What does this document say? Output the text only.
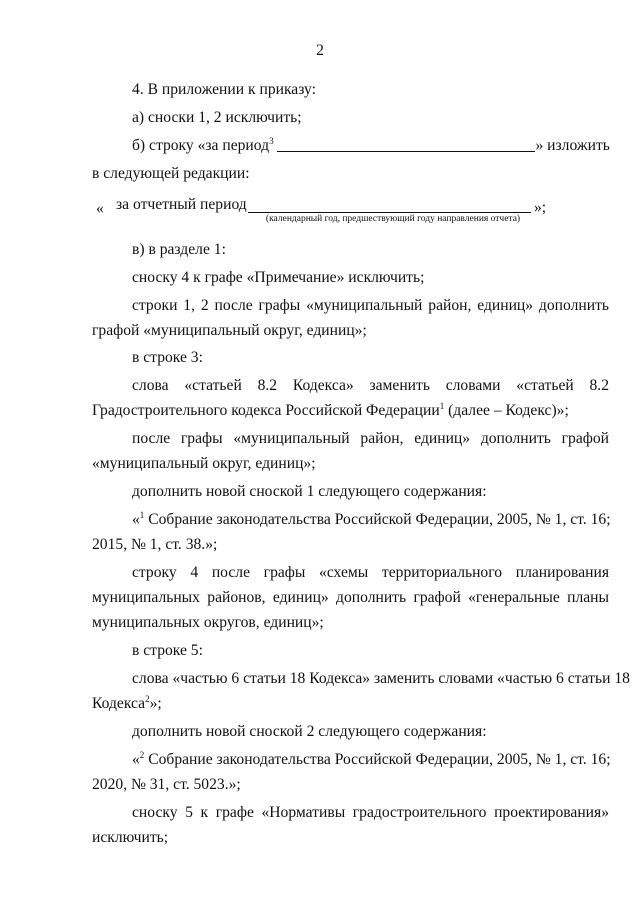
2
4. В приложении к приказу:
а) сноски 1, 2 исключить;
б) строку «за период$^3$	» изложить
в следующей редакции:
« за отчетный период
(календарный год, предшествующий году направления отчета)
»;
в) в разделе 1:
сноску 4 к графе «Примечание» исключить;
строки 1, 2 после графы «муниципальный район, единиц» дополнить
графой «муниципальный округ, единиц»;
в строке 3:
слова «статьей 8.2 Кодекса» заменить словами «статьей 8.2
Градостроительного кодекса Российской Федерации$^1$ (далее – Кодекс)»;
после графы «муниципальный район, единиц» дополнить графой
«муниципальный округ, единиц»;
дополнить новой сноской 1 следующего содержания:
«$^1$ Собрание законодательства Российской Федерации, 2005, № 1, ст. 16;
2015, № 1, ст. 38.»;
строку 4 после графы «схемы территориального планирования
муниципальных районов, единиц» дополнить графой «генеральные планы
муниципальных округов, единиц»;
в строке 5:
слова «частью 6 статьи 18 Кодекса» заменить словами «частью 6 статьи 18
Кодекса$^2$»;
дополнить новой сноской 2 следующего содержания:
«$^2$ Собрание законодательства Российской Федерации, 2005, № 1, ст. 16;
2020, № 31, ст. 5023.»;
сноску 5 к графе «Нормативы градостроительного проектирования»
исключить;
